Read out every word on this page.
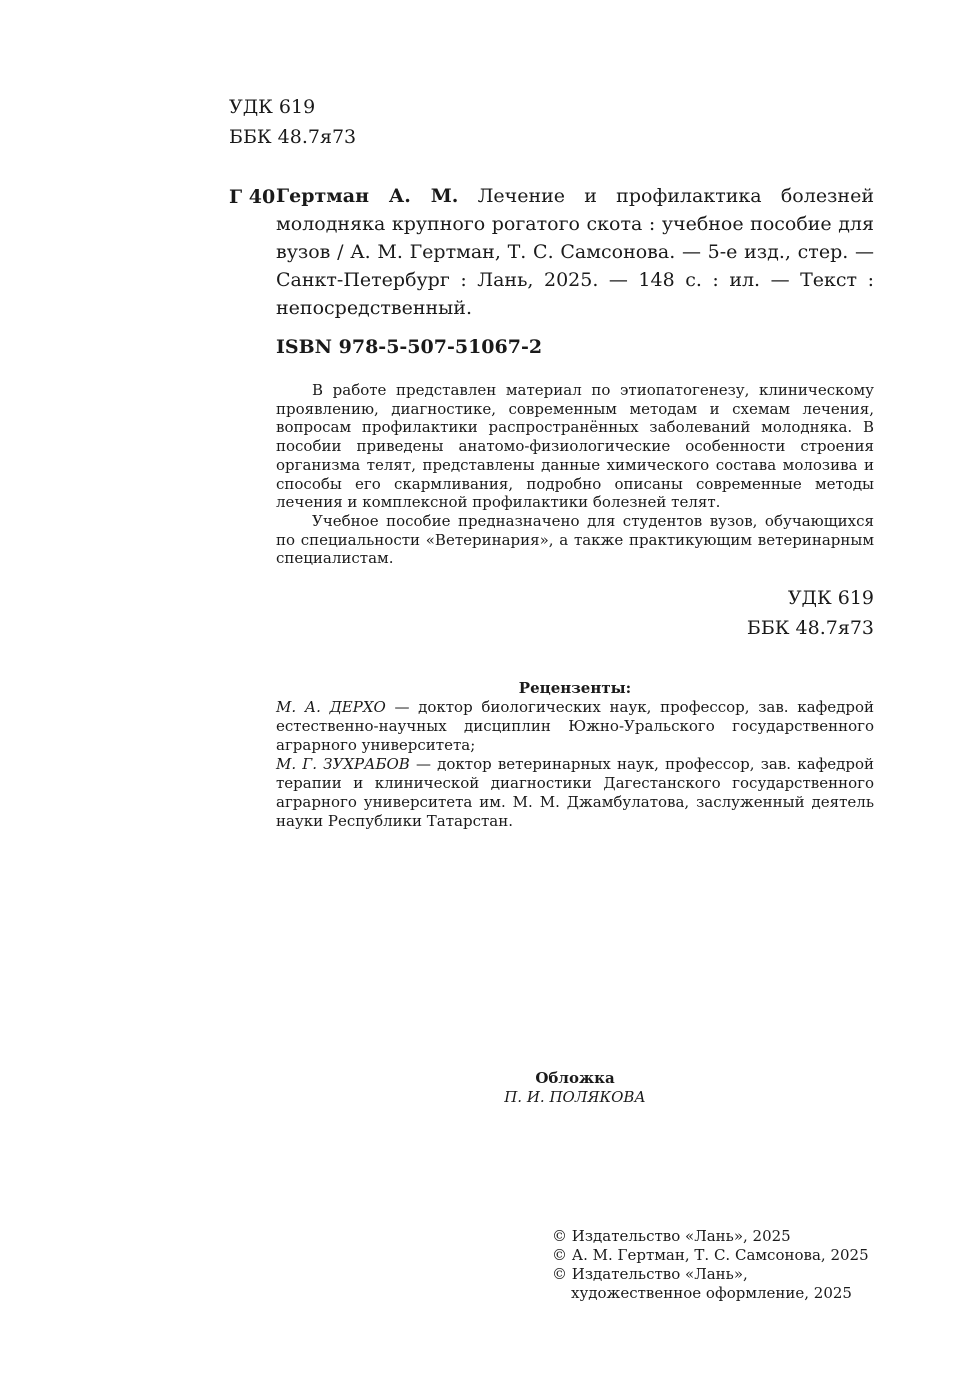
УДК 619
ББК 48.7я73
Г 40 Гертман А. М. Лечение и профилактика болезней молодняка крупного рогатого скота : учебное пособие для вузов / А. М. Гертман, Т. С. Самсонова. — 5-е изд., стер. — Санкт-Петербург : Лань, 2025. — 148 с. : ил. — Текст : непосредственный.
ISBN 978-5-507-51067-2

В работе представлен материал по этиопатогенезу, клиническому проявлению, диагностике, современным методам и схемам лечения, вопросам профилактики распространённых заболеваний молодняка. В пособии приведены анатомо-физиологические особенности строения организма телят, представлены данные химического состава молозива и способы его скармливания, подробно описаны современные методы лечения и комплексной профилактики болезней телят.

Учебное пособие предназначено для студентов вузов, обучающихся по специальности «Ветеринария», а также практикующим ветеринарным специалистам.

УДК 619
ББК 48.7я73
Рецензенты:

М. А. ДЕРХО — доктор биологических наук, профессор, зав. кафедрой естественно-научных дисциплин Южно-Уральского государственного аграрного университета;

М. Г. ЗУХРАБОВ — доктор ветеринарных наук, профессор, зав. кафедрой терапии и клинической диагностики Дагестанского государственного аграрного университета им. М. М. Джамбулатова, заслуженный деятель науки Республики Татарстан.

Обложка
П. И. ПОЛЯКОВА
© Издательство «Лань», 2025
© А. М. Гертман, Т. С. Самсонова, 2025
© Издательство «Лань»,
художественное оформление, 2025
